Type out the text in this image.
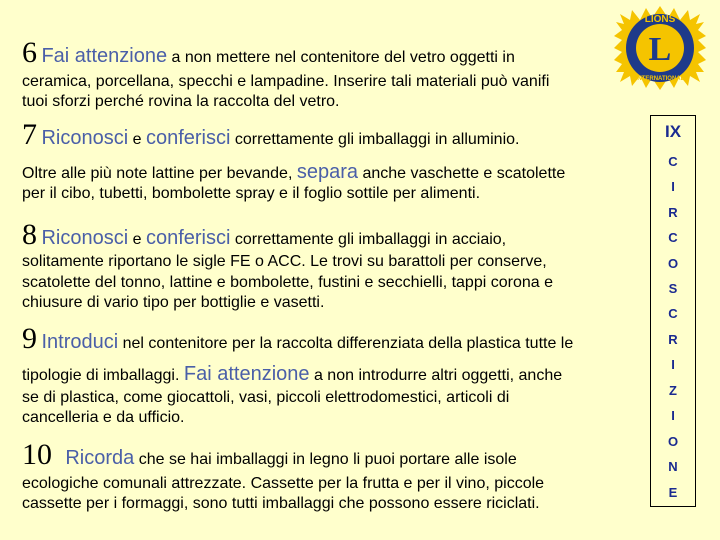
6 Fai attenzione a non mettere nel contenitore del vetro oggetti in
ceramica, porcellana, specchi e lampadine. Inserire tali materiali può vanifi
tuoi sforzi perché rovina la raccolta del vetro.
7 Riconosci e conferisci correttamente gli imballaggi in alluminio.
Oltre alle più note lattine per bevande, separa anche vaschette e scatolette
per il cibo, tubetti, bombolette spray e il foglio sottile per alimenti.
8 Riconosci e conferisci correttamente gli imballaggi in acciaio,
solitamente riportano le sigle FE o ACC. Le trovi su barattoli per conserve,
scatolette del tonno, lattine e bombolette, fustini e secchielli, tappi corona e
chiusure di vario tipo per bottiglie e vasetti.
9 Introduci nel contenitore per la raccolta differenziata della plastica tutte le
tipologie di imballaggi. Fai attenzione a non introdurre altri oggetti, anche
se di plastica, come giocattoli, vasi, piccoli elettrodomestici, articoli di
cancelleria e da ufficio.
10 Ricorda che se hai imballaggi in legno li puoi portare alle isole
ecologiche comunali attrezzate. Cassette per la frutta e per il vino, piccole
cassette per i formaggi, sono tutti imballaggi che possono essere riciclati.
LIONS
L
INTERNATIONAL
IX
C
I
R
C
O
S
C
R
I
Z
I
O
N
E
